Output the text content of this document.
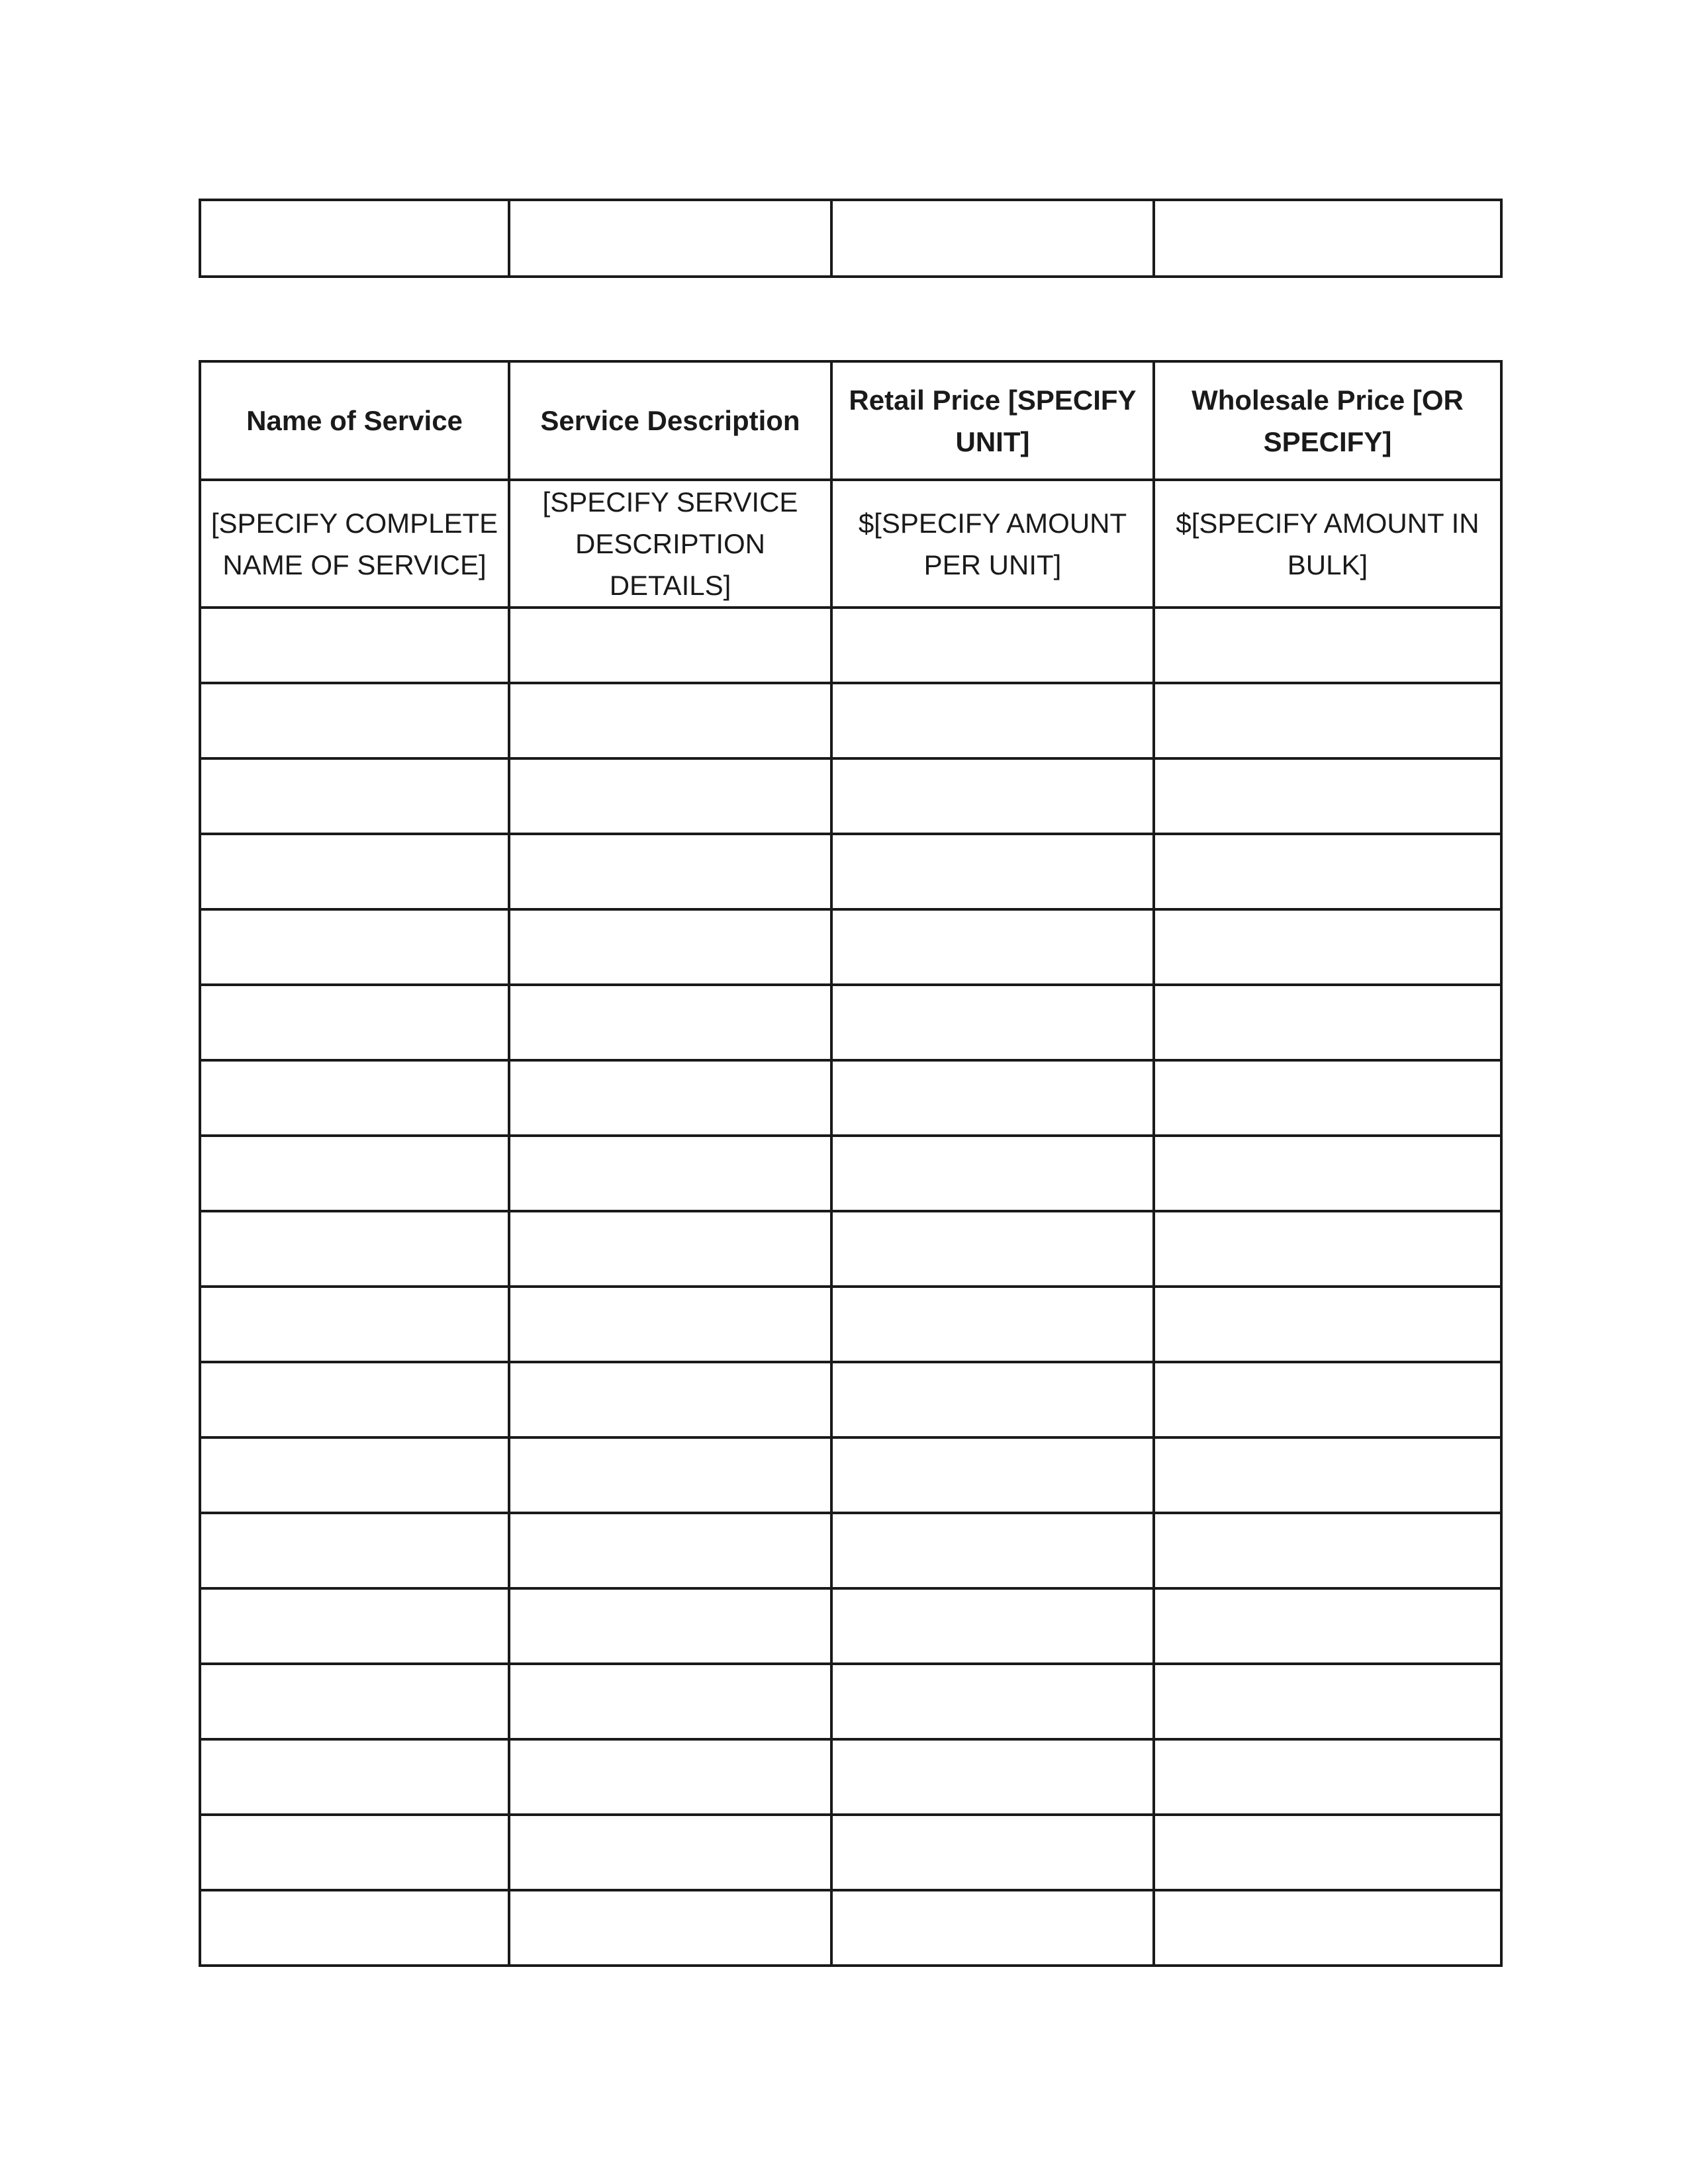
Name of Service	Service Description	Retail Price [SPECIFY UNIT]	Wholesale Price [OR SPECIFY]
[SPECIFY COMPLETE NAME OF SERVICE]	[SPECIFY SERVICE DESCRIPTION DETAILS]	$[SPECIFY AMOUNT PER UNIT]	$[SPECIFY AMOUNT IN BULK]
